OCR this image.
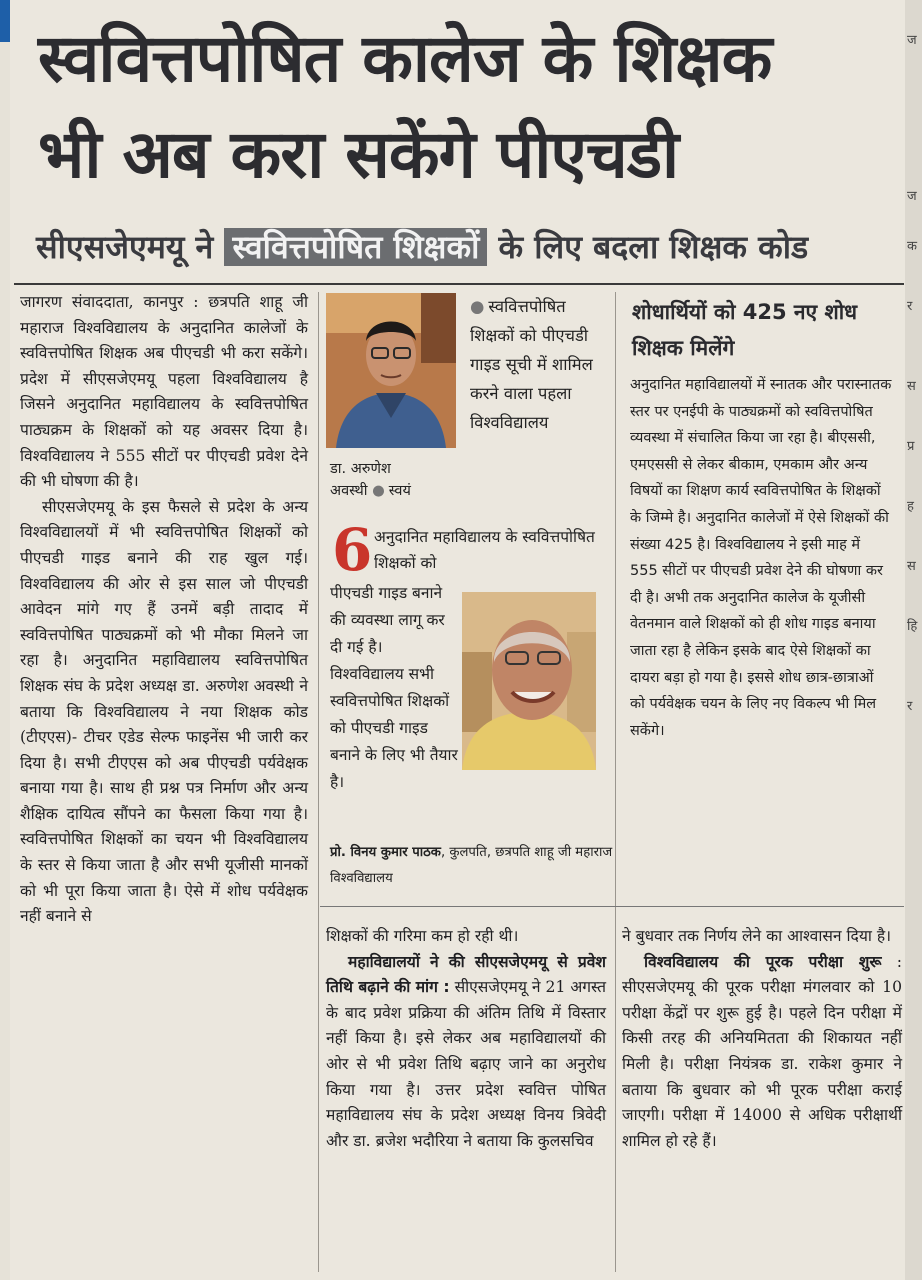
ज
ज
क
र
स
प्र
ह
स
हि
र
स्ववित्तपोषित कालेज के शिक्षक
भी अब करा सकेंगे पीएचडी
सीएसजेएमयू ने स्ववित्तपोषित शिक्षकों के लिए बदला शिक्षक कोड

जागरण संवाददाता, कानपुर : छत्रपति शाहू जी महाराज विश्वविद्यालय के अनुदानित कालेजों के स्ववित्तपोषित शिक्षक अब पीएचडी भी करा सकेंगे। प्रदेश में सीएसजेएमयू पहला विश्वविद्यालय है जिसने अनुदानित महाविद्यालय के स्ववित्तपोषित पाठ्यक्रम के शिक्षकों को यह अवसर दिया है। विश्वविद्यालय ने 555 सीटों पर पीएचडी प्रवेश देने की भी घोषणा की है।

सीएसजेएमयू के इस फैसले से प्रदेश के अन्य विश्वविद्यालयों में भी स्ववित्तपोषित शिक्षकों को पीएचडी गाइड बनाने की राह खुल गई। विश्वविद्यालय की ओर से इस साल जो पीएचडी आवेदन मांगे गए हैं उनमें बड़ी तादाद में स्ववित्तपोषित पाठ्यक्रमों को भी मौका मिलने जा रहा है। अनुदानित महाविद्यालय स्ववित्तपोषित शिक्षक संघ के प्रदेश अध्यक्ष डा. अरुणेश अवस्थी ने बताया कि विश्वविद्यालय ने नया शिक्षक कोड (टीएएस)- टीचर एडेड सेल्फ फाइनेंस भी जारी कर दिया है। सभी टीएएस को अब पीएचडी पर्यवेक्षक बनाया गया है। साथ ही प्रश्न पत्र निर्माण और अन्य शैक्षिक दायित्व सौंपने का फैसला किया गया है। स्ववित्तपोषित शिक्षकों का चयन भी विश्वविद्यालय के स्तर से किया जाता है और सभी यूजीसी मानकों को भी पूरा किया जाता है। ऐसे में शोध पर्यवेक्षक नहीं बनाने से

डा. अरुणेश
अवस्थी ● स्वयं
● स्ववित्तपोषित शिक्षकों को पीएचडी गाइड सूची में शामिल करने वाला पहला विश्वविद्यालय
6 अनुदानित महाविद्यालय के स्ववित्तपोषित शिक्षकों को
पीएचडी गाइड बनाने की व्यवस्था लागू कर दी गई है। विश्वविद्यालय सभी स्ववित्तपोषित शिक्षकों को पीएचडी गाइड बनाने के लिए भी तैयार है।
प्रो. विनय कुमार पाठक, कुलपति, छत्रपति शाहू जी महाराज विश्वविद्यालय
शोधार्थियों को 425 नए शोध शिक्षक मिलेंगे
अनुदानित महाविद्यालयों में स्नातक और परास्नातक स्तर पर एनईपी के पाठ्यक्रमों को स्ववित्तपोषित व्यवस्था में संचालित किया जा रहा है। बीएससी, एमएससी से लेकर बीकाम, एमकाम और अन्य विषयों का शिक्षण कार्य स्ववित्तपोषित के शिक्षकों के जिम्मे है। अनुदानित कालेजों में ऐसे शिक्षकों की संख्या 425 है। विश्वविद्यालय ने इसी माह में 555 सीटों पर पीएचडी प्रवेश देने की घोषणा कर दी है। अभी तक अनुदानित कालेज के यूजीसी वेतनमान वाले शिक्षकों को ही शोध गाइड बनाया जाता रहा है लेकिन इसके बाद ऐसे शिक्षकों का दायरा बड़ा हो गया है। इससे शोध छात्र-छात्राओं को पर्यवेक्षक चयन के लिए नए विकल्प भी मिल सकेंगे।

शिक्षकों की गरिमा कम हो रही थी।

महाविद्यालयों ने की सीएसजेएमयू से प्रवेश तिथि बढ़ाने की मांग : सीएसजेएमयू ने 21 अगस्त के बाद प्रवेश प्रक्रिया की अंतिम तिथि में विस्तार नहीं किया है। इसे लेकर अब महाविद्यालयों की ओर से भी प्रवेश तिथि बढ़ाए जाने का अनुरोध किया गया है। उत्तर प्रदेश स्ववित्त पोषित महाविद्यालय संघ के प्रदेश अध्यक्ष विनय त्रिवेदी और डा. ब्रजेश भदौरिया ने बताया कि कुलसचिव

ने बुधवार तक निर्णय लेने का आश्वासन दिया है।

विश्वविद्यालय की पूरक परीक्षा शुरू : सीएसजेएमयू की पूरक परीक्षा मंगलवार को 10 परीक्षा केंद्रों पर शुरू हुई है। पहले दिन परीक्षा में किसी तरह की अनियमितता की शिकायत नहीं मिली है। परीक्षा नियंत्रक डा. राकेश कुमार ने बताया कि बुधवार को भी पूरक परीक्षा कराई जाएगी। परीक्षा में 14000 से अधिक परीक्षार्थी शामिल हो रहे हैं।
